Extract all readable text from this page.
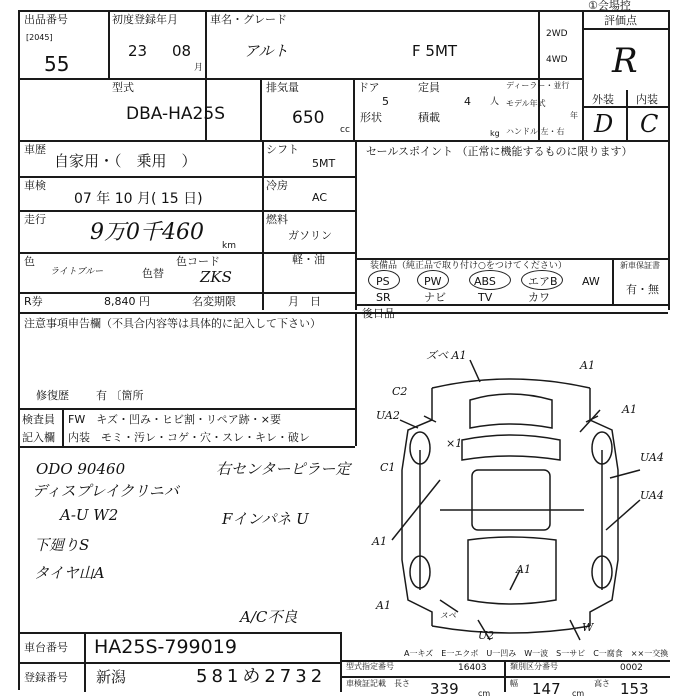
出品番号
[2045]
55
初度登録年月
23 08
月
車名・グレード
アルト	F 5MT
2WD
4WD
①会場控
評価点
R
外装 内装
D C
型式
DBA-HA25S
排気量
650
cc
ドア
5
定員
4 人
形状	積載
kg
ディーラー・並行
モデル年式
年
ハンドル 左・右
車歴
自家用・（　乗用　）
シフト
5MT
セールスポイント （正常に機能するものに限ります）
車検
07 年 10 月( 15 日)
冷房
AC
走行
9万0千460
km
燃料
ガソリン
軽・油
色
ライトブルー	色替
色コード
ZKS
R券	8,840 円	名変期限	月　日
装備品（純正品で取り付け○をつけてください）
PS	PW	ABS	エアB AW
SR	ナビ	TV	カワ
新車保証書
有・無
後日品
注意事項申告欄（不具合内容等は具体的に記入して下さい）
修復歴 有 〔箇所
検査員
記入欄
FW　キズ・凹み・ヒビ割・リペア跡・×要
内装　モミ・汚レ・コゲ・穴・スレ・キレ・破レ
ODO 90460
ディスプレイクリニバ
A-U W2
下廻りS
タイヤ山A
右センターピラー定
Fインパネ U
A/C不良
ズベ A1
A1
C2
UA2	A1
×1
UA4
C1
UA4
A1
A1
A1
スペ
U2
W
A一キズ　E一エクボ　U一凹み　W一波　S一サビ　C一腐食　××一交換
車台番号 HA25S-799019
登録番号 新潟	581め2732 型式指定番号	16403	類別区分番号	0002
車検証記載 長さ 339 cm
幅 147 cm
高さ 153
